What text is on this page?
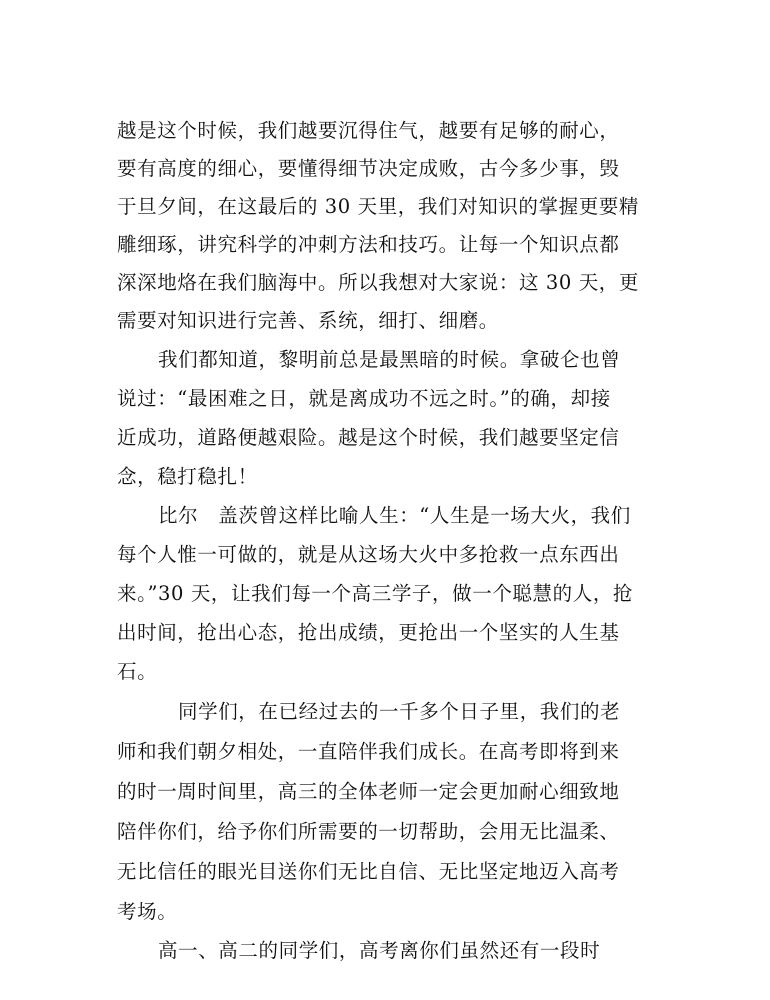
越是这个时候，我们越要沉得住气，越要有足够的耐心，
要有高度的细心，要懂得细节决定成败，古今多少事，毁
于旦夕间，在这最后的 30 天里，我们对知识的掌握更要精
雕细琢，讲究科学的冲刺方法和技巧。让每一个知识点都
深深地烙在我们脑海中。所以我想对大家说：这 30 天，更
需要对知识进行完善、系统，细打、细磨。
我们都知道，黎明前总是最黑暗的时候。拿破仑也曾
说过：“最困难之日，就是离成功不远之时。”的确，却接
近成功，道路便越艰险。越是这个时候，我们越要坚定信
念，稳打稳扎！
比尔　盖茨曾这样比喻人生：“人生是一场大火，我们
每个人惟一可做的，就是从这场大火中多抢救一点东西出
来。”30 天，让我们每一个高三学子，做一个聪慧的人，抢
出时间，抢出心态，抢出成绩，更抢出一个坚实的人生基
石。
同学们，在已经过去的一千多个日子里，我们的老
师和我们朝夕相处，一直陪伴我们成长。在高考即将到来
的时一周时间里，高三的全体老师一定会更加耐心细致地
陪伴你们，给予你们所需要的一切帮助，会用无比温柔、
无比信任的眼光目送你们无比自信、无比坚定地迈入高考
考场。
高一、高二的同学们，高考离你们虽然还有一段时
